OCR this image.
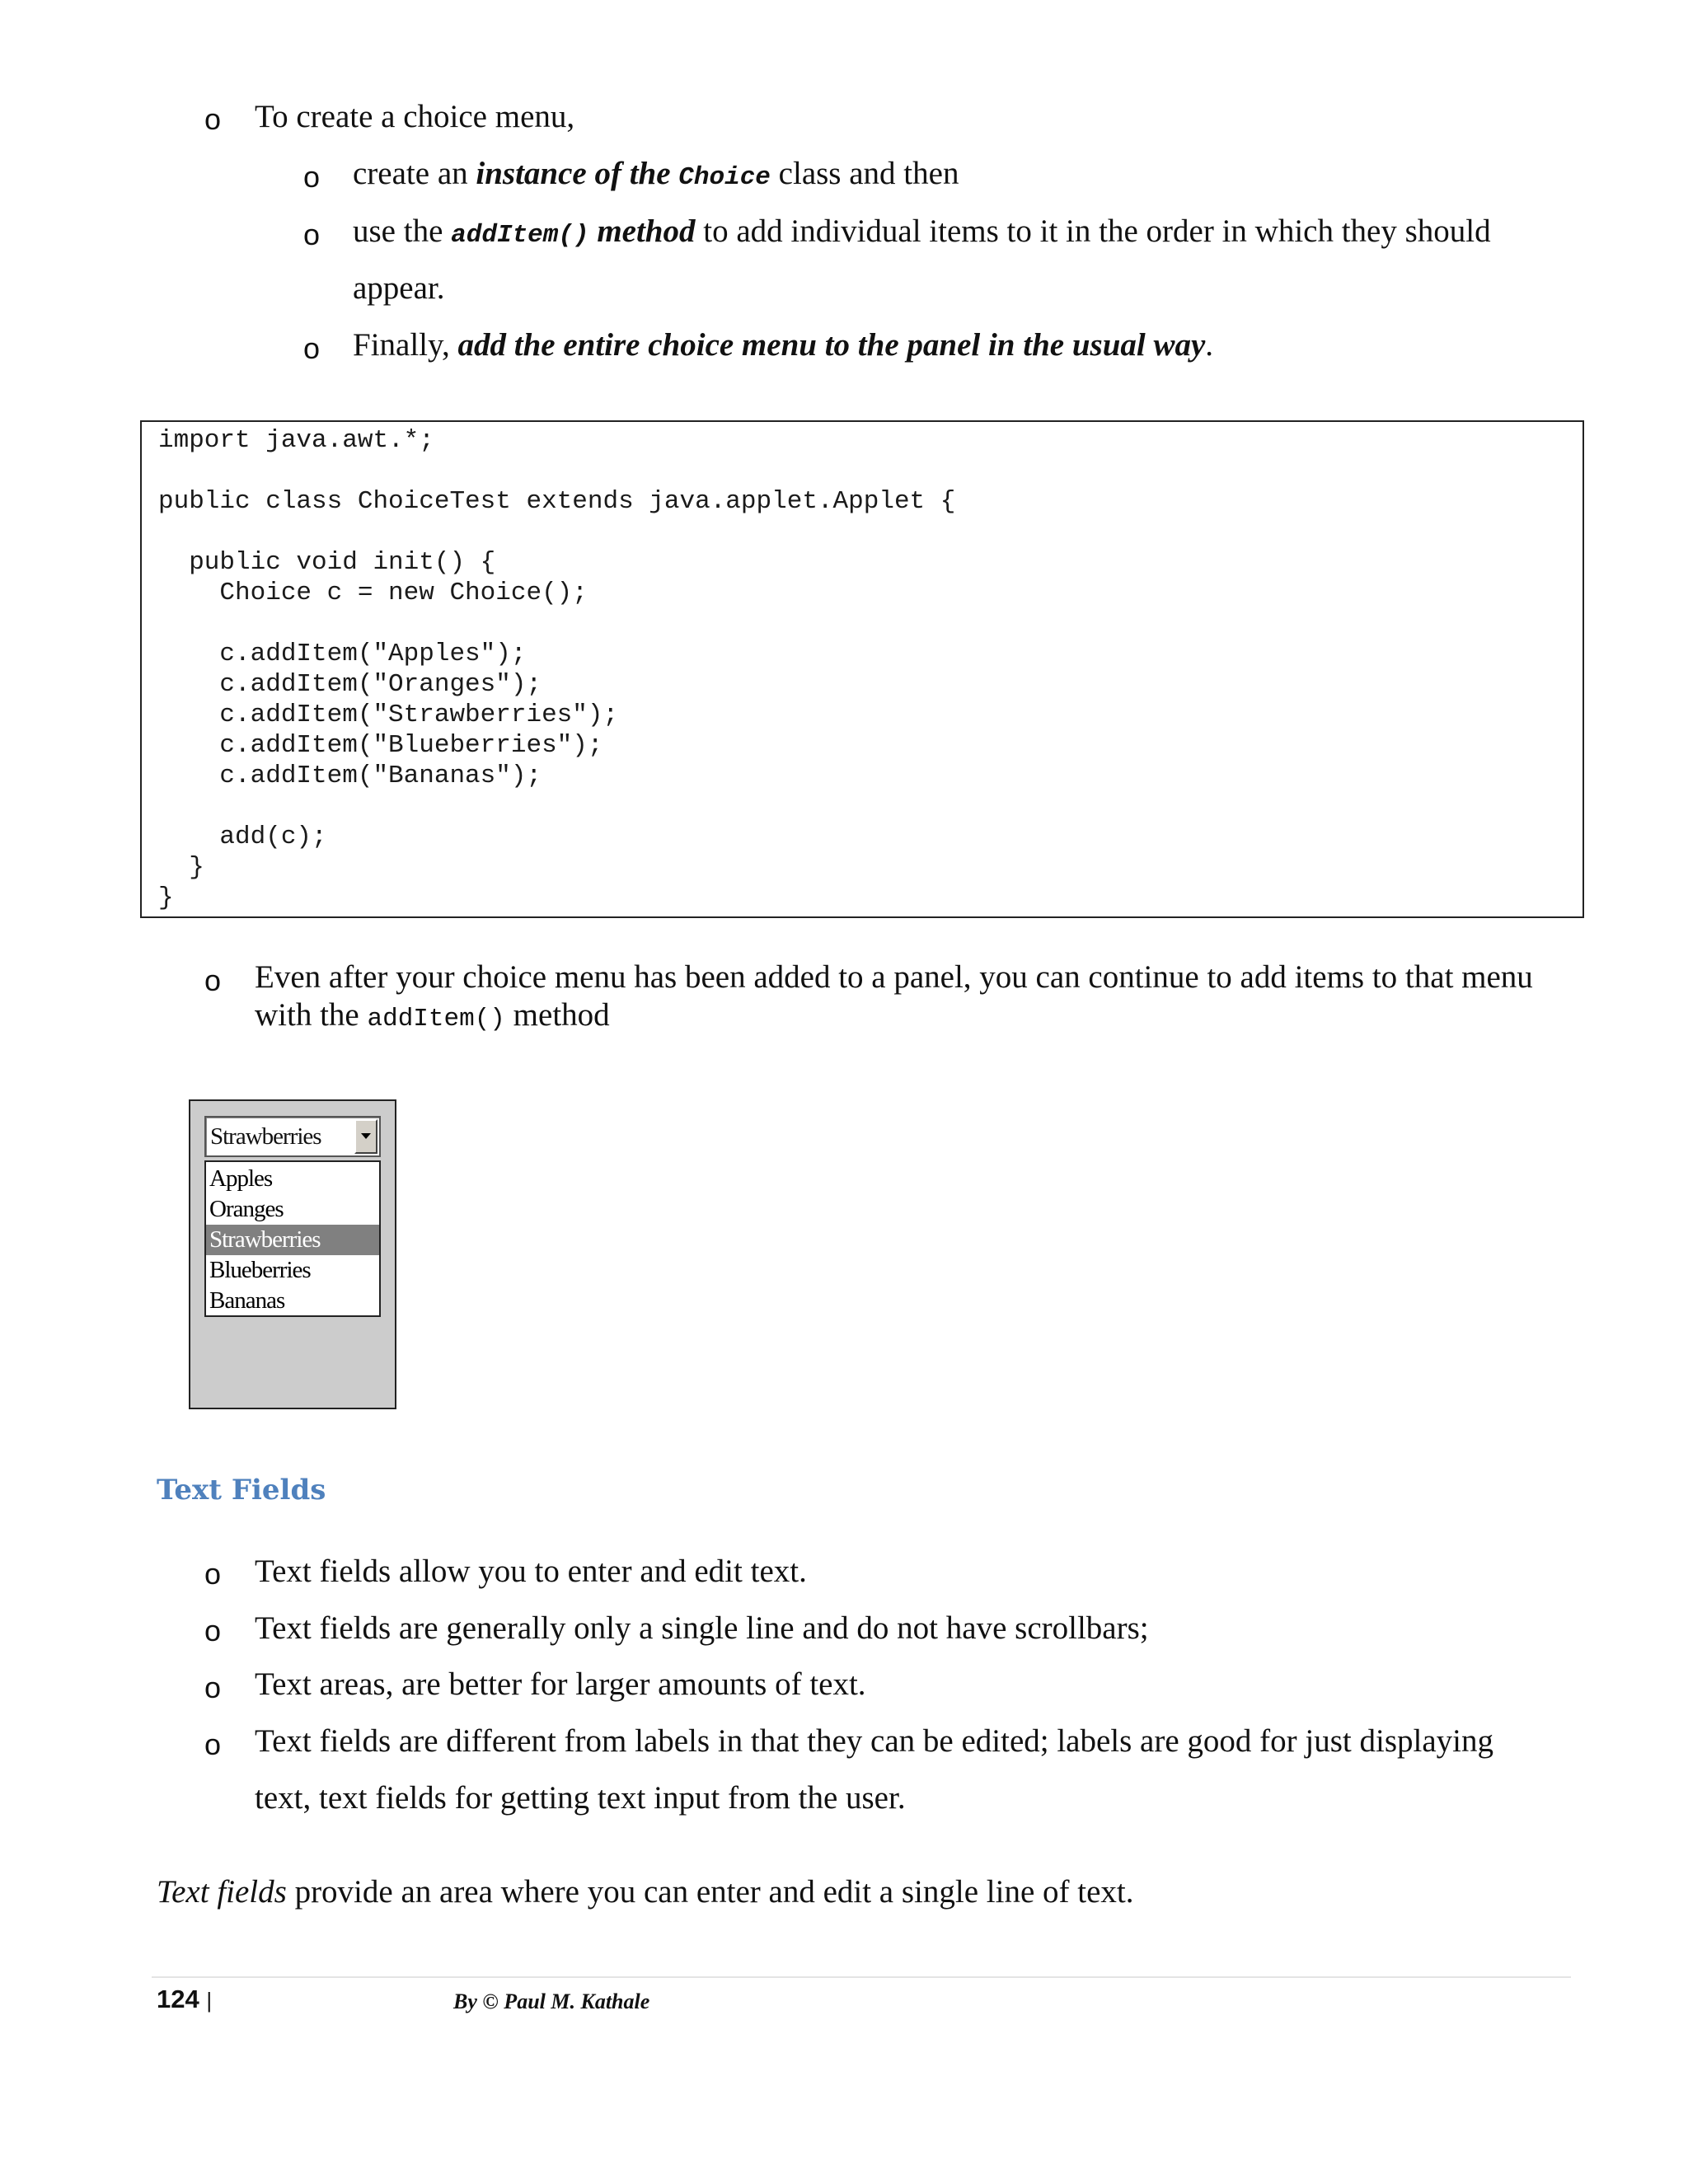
o To create a choice menu,
o create an instance of the Choice class and then
o use the addItem() method to add individual items to it in the order in which they should
appear.
o Finally, add the entire choice menu to the panel in the usual way.
import java.awt.*;
public class ChoiceTest extends java.applet.Applet {
public void init() {
Choice c = new Choice();
c.addItem("Apples");
c.addItem("Oranges");
c.addItem("Strawberries");
c.addItem("Blueberries");
c.addItem("Bananas");
add(c);
}
}
o Even after your choice menu has been added to a panel, you can continue to add items to that menu
with the addItem() method
Strawberries
Apples
Oranges
Strawberries
Blueberries
Bananas
Text Fields
o Text fields allow you to enter and edit text.
o Text fields are generally only a single line and do not have scrollbars;
o Text areas, are better for larger amounts of text.
o Text fields are different from labels in that they can be edited; labels are good for just displaying
text, text fields for getting text input from the user.
Text fields provide an area where you can enter and edit a single line of text.
124 |	By © Paul M. Kathale
